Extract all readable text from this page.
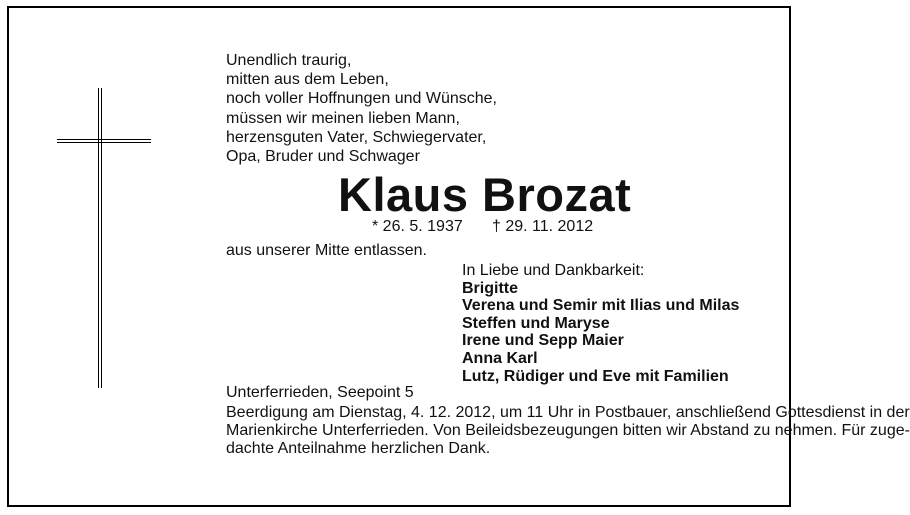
Unendlich traurig,
mitten aus dem Leben,
noch voller Hoffnungen und Wünsche,
müssen wir meinen lieben Mann,
herzensguten Vater, Schwiegervater,
Opa, Bruder und Schwager
Klaus Brozat
* 26. 5. 1937 † 29. 11. 2012
aus unserer Mitte entlassen.
In Liebe und Dankbarkeit:
Brigitte
Verena und Semir mit Ilias und Milas
Steffen und Maryse
Irene und Sepp Maier
Anna Karl
Lutz, Rüdiger und Eve mit Familien
Unterferrieden, Seepoint 5
Beerdigung am Dienstag, 4. 12. 2012, um 11 Uhr in Postbauer, anschließend Gottesdienst in der
Marienkirche Unterferrieden. Von Beileidsbezeugungen bitten wir Abstand zu nehmen. Für zuge-
dachte Anteilnahme herzlichen Dank.
